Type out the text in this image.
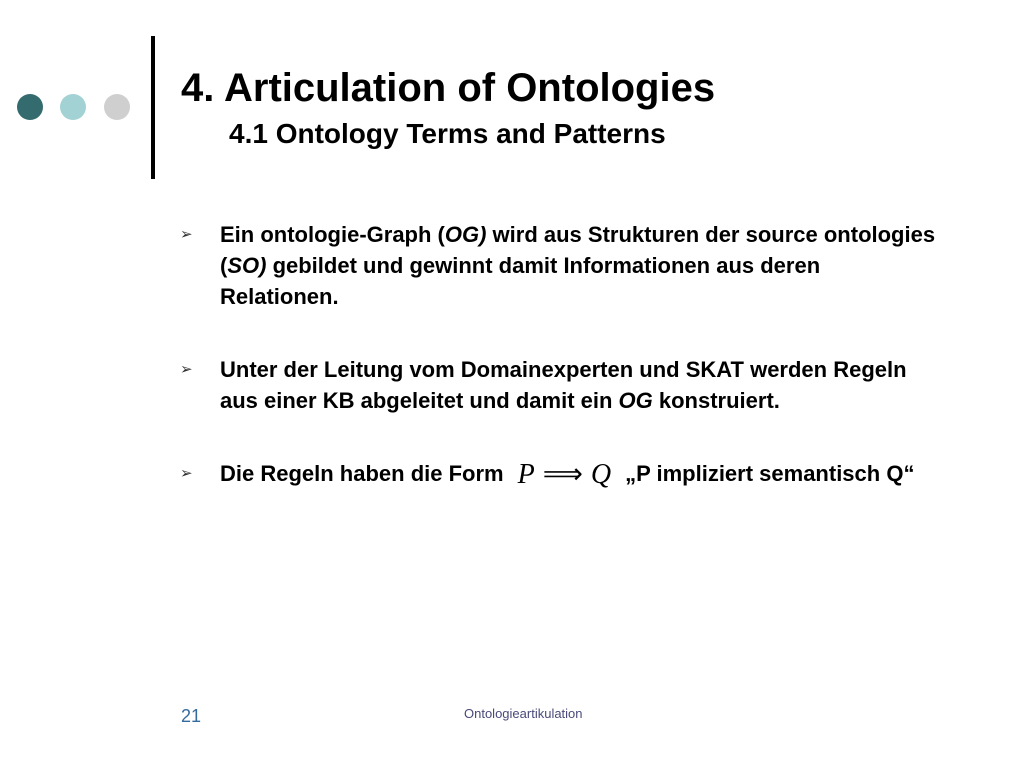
4. Articulation of Ontologies
4.1 Ontology Terms and Patterns
➢ Ein ontologie-Graph (OG) wird aus Strukturen der source ontologies (SO) gebildet und gewinnt damit Informationen aus deren Relationen.
➢ Unter der Leitung vom Domainexperten und SKAT werden Regeln aus einer KB abgeleitet und damit ein OG konstruiert.
➢ Die Regeln haben die Form P ⟹ Q „P impliziert semantisch Q“
21	Ontologieartikulation
